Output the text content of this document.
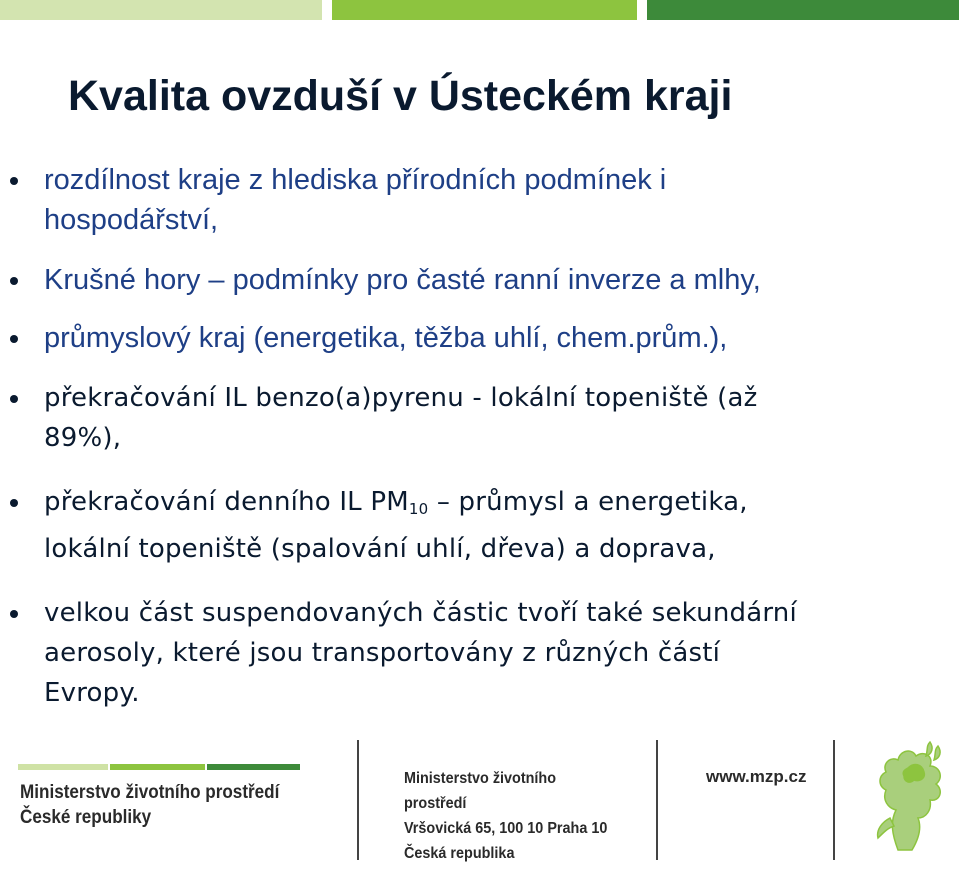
Kvalita ovzduší v Ústeckém kraji
rozdílnost kraje z hlediska přírodních podmínek i
hospodářství,
Krušné hory – podmínky pro časté ranní inverze a mlhy,
průmyslový kraj (energetika, těžba uhlí, chem.prům.),
překračování IL benzo(a)pyrenu - lokální topeniště (až
89%),
překračování denního IL $PM_{10}$ – průmysl a energetika,
lokální topeniště (spalování uhlí, dřeva) a doprava,
velkou část suspendovaných částic tvoří také sekundární
aerosoly, které jsou transportovány z různých částí
Evropy.
Ministerstvo životního prostředí
České republiky
Ministerstvo životního prostředí
Vršovická 65, 100 10 Praha 10
Česká republika
www.mzp.cz
